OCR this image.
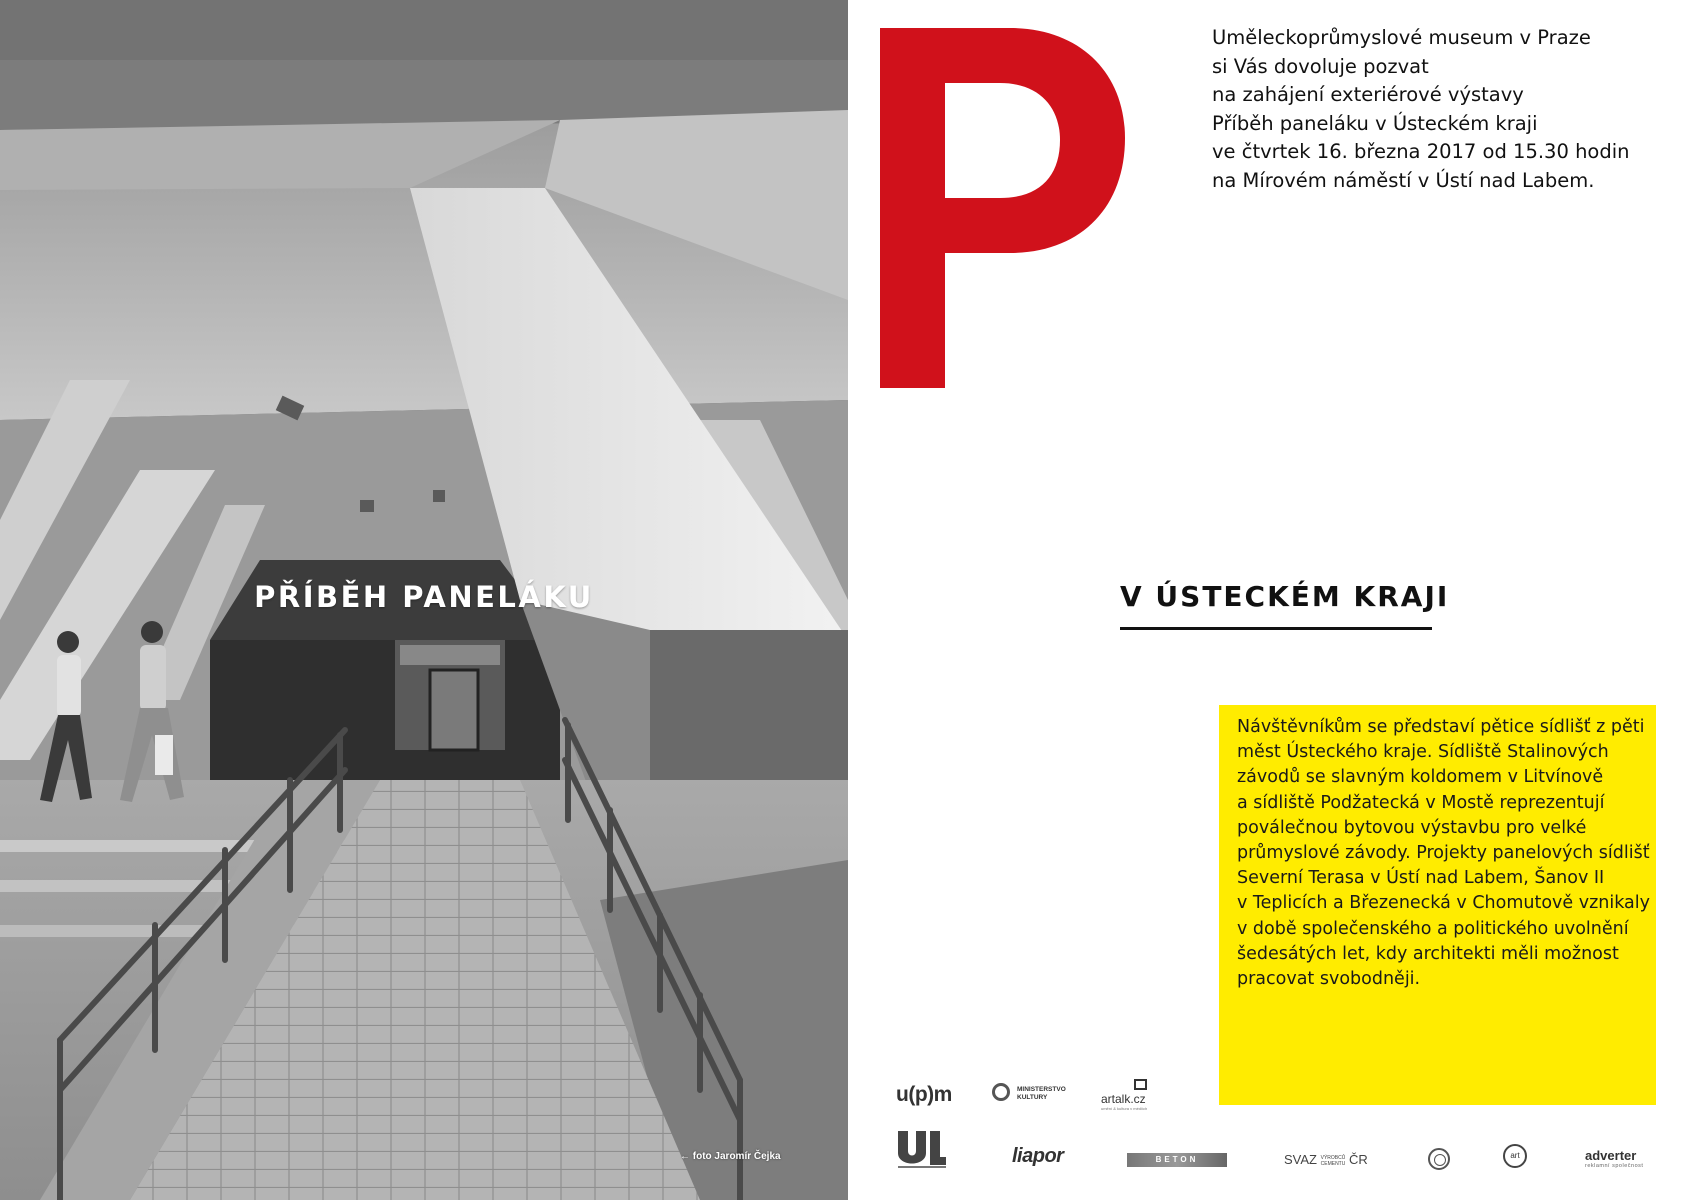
PŘÍBĚH PANELÁKU
← foto Jaromír Čejka
Uměleckoprůmyslové museum v Praze
si Vás dovoluje pozvat
na zahájení exteriérové výstavy
Příběh paneláku v Ústeckém kraji
ve čtvrtek 16. března 2017 od 15.30 hodin
na Mírovém náměstí v Ústí nad Labem.
V ÚSTECKÉM KRAJI
Návštěvníkům se představí pětice sídlišť z pěti
měst Ústeckého kraje. Sídliště Stalinových
závodů se slavným koldomem v Litvínově
a sídliště Podžatecká v Mostě reprezentují
poválečnou bytovou výstavbu pro velké
průmyslové závody. Projekty panelových sídlišť
Severní Terasa v Ústí nad Labem, Šanov II
v Teplicích a Březenecká v Chomutově vznikaly
v době společenského a politického uvolnění
šedesátých let, kdy architekti měli možnost
pracovat svobodněji.
u(p)m	MINISTERSTVO
KULTURY	artalk.cz
umění & kultura v médiích
liapor	BETON	SVAZ VÝROBCŮ
CEMENTU ČR	art	adverter
reklamní společnost
